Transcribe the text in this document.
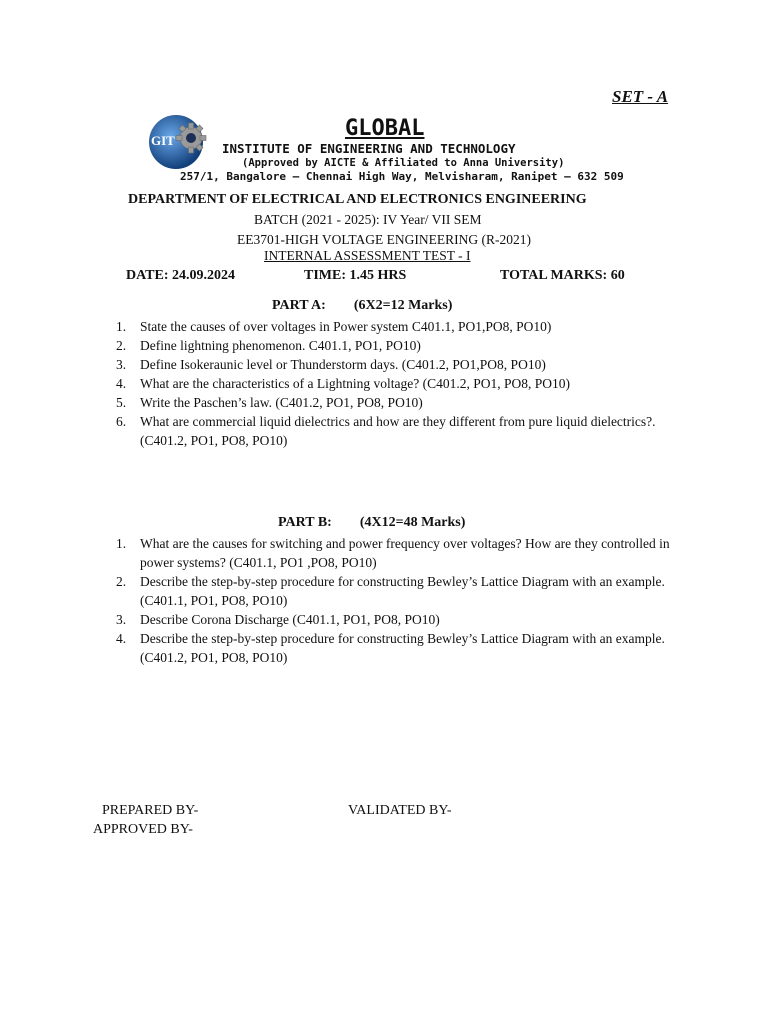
SET - A
GIT	GLOBAL
INSTITUTE OF ENGINEERING AND TECHNOLOGY
(Approved by AICTE & Affiliated to Anna University)
257/1, Bangalore – Chennai High Way, Melvisharam, Ranipet – 632 509
DEPARTMENT OF ELECTRICAL AND ELECTRONICS ENGINEERING
BATCH (2021 - 2025): IV Year/ VII SEM
EE3701-HIGH VOLTAGE ENGINEERING (R-2021)
INTERNAL ASSESSMENT TEST - I
DATE: 24.09.2024	TIME: 1.45 HRS	TOTAL MARKS: 60
PART A: (6X2=12 Marks)
1. State the causes of over voltages in Power system C401.1, PO1,PO8, PO10)
2. Define lightning phenomenon. C401.1, PO1, PO10)
3. Define Isokeraunic level or Thunderstorm days. (C401.2, PO1,PO8, PO10)
4. What are the characteristics of a Lightning voltage? (C401.2, PO1, PO8, PO10)
5. Write the Paschen’s law. (C401.2, PO1, PO8, PO10)
6. What are commercial liquid dielectrics and how are they different from pure liquid dielectrics?.(C401.2, PO1, PO8, PO10)
PART B: (4X12=48 Marks)
1. What are the causes for switching and power frequency over voltages? How are they controlled in power systems? (C401.1, PO1 ,PO8, PO10)
2. Describe the step-by-step procedure for constructing Bewley’s Lattice Diagram with an example. (C401.1, PO1, PO8, PO10)
3. Describe Corona Discharge (C401.1, PO1, PO8, PO10)
4. Describe the step-by-step procedure for constructing Bewley’s Lattice Diagram with an example. (C401.2, PO1, PO8, PO10)
PREPARED BY-	VALIDATED BY-
APPROVED BY-
